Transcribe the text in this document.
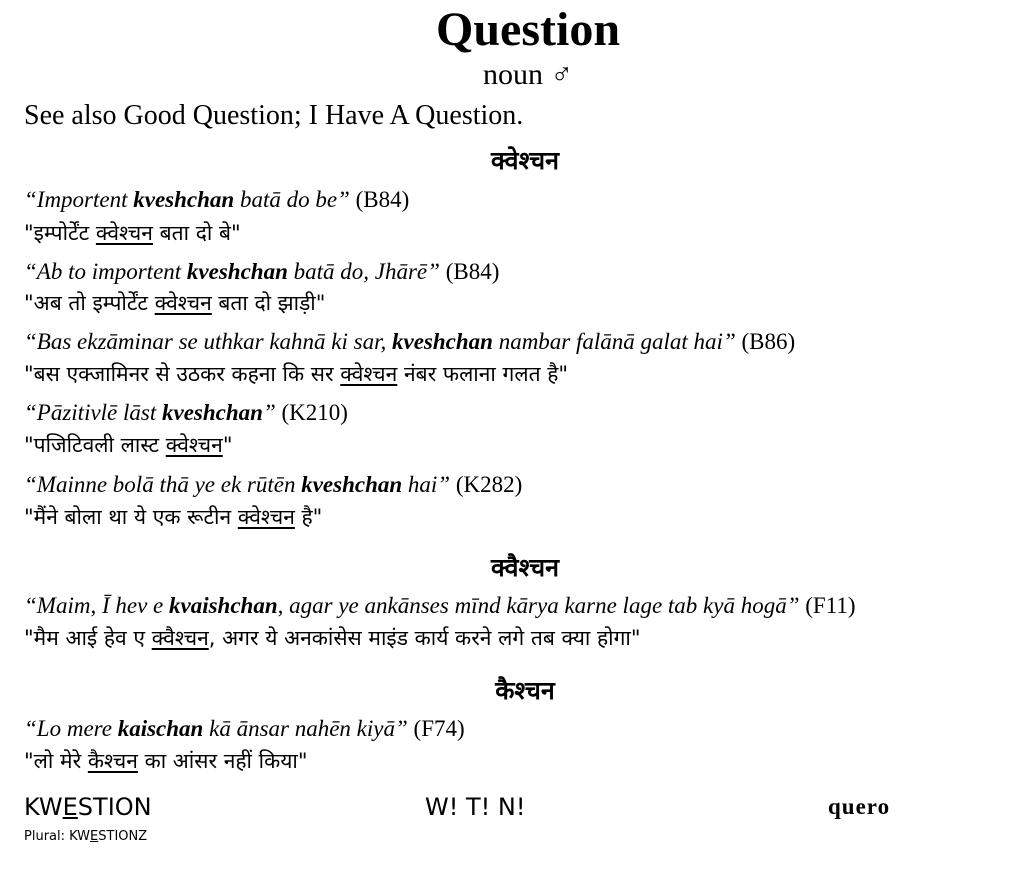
Question
noun ♂
See also Good Question; I Have A Question.
क्वेश्चन
“Importent kveshchan batā do be” (B84)
"इम्पोर्टेंट क्वेश्चन बता दो बे"
“Ab to importent kveshchan batā do, Jhārē” (B84)
"अब तो इम्पोर्टेंट क्वेश्चन बता दो झाड़ी"
“Bas ekzāminar se uthkar kahnā ki sar, kveshchan nambar falānā galat hai” (B86)
"बस एक्जामिनर से उठकर कहना कि सर क्वेश्चन नंबर फलाना गलत है"
“Pāzitivlē lāst kveshchan” (K210)
"पजिटिवली लास्ट क्वेश्चन"
“Mainne bolā thā ye ek rūtēn kveshchan hai” (K282)
"मैंने बोला था ये एक रूटीन क्वेश्चन है"
क्वैश्चन
“Maim, Ī hev e kvaishchan, agar ye ankānses mīnd kārya karne lage tab kyā hogā” (F11)
"मैम आई हेव ए क्वैश्चन, अगर ये अनकांसेस माइंड कार्य करने लगे तब क्या होगा"
कैश्चन
“Lo mere kaischan kā ānsar nahēn kiyā” (F74)
"लो मेरे कैश्चन का आंसर नहीं किया"
KWESTION
Plural: KWESTIONZ
W! T! N!	quero
